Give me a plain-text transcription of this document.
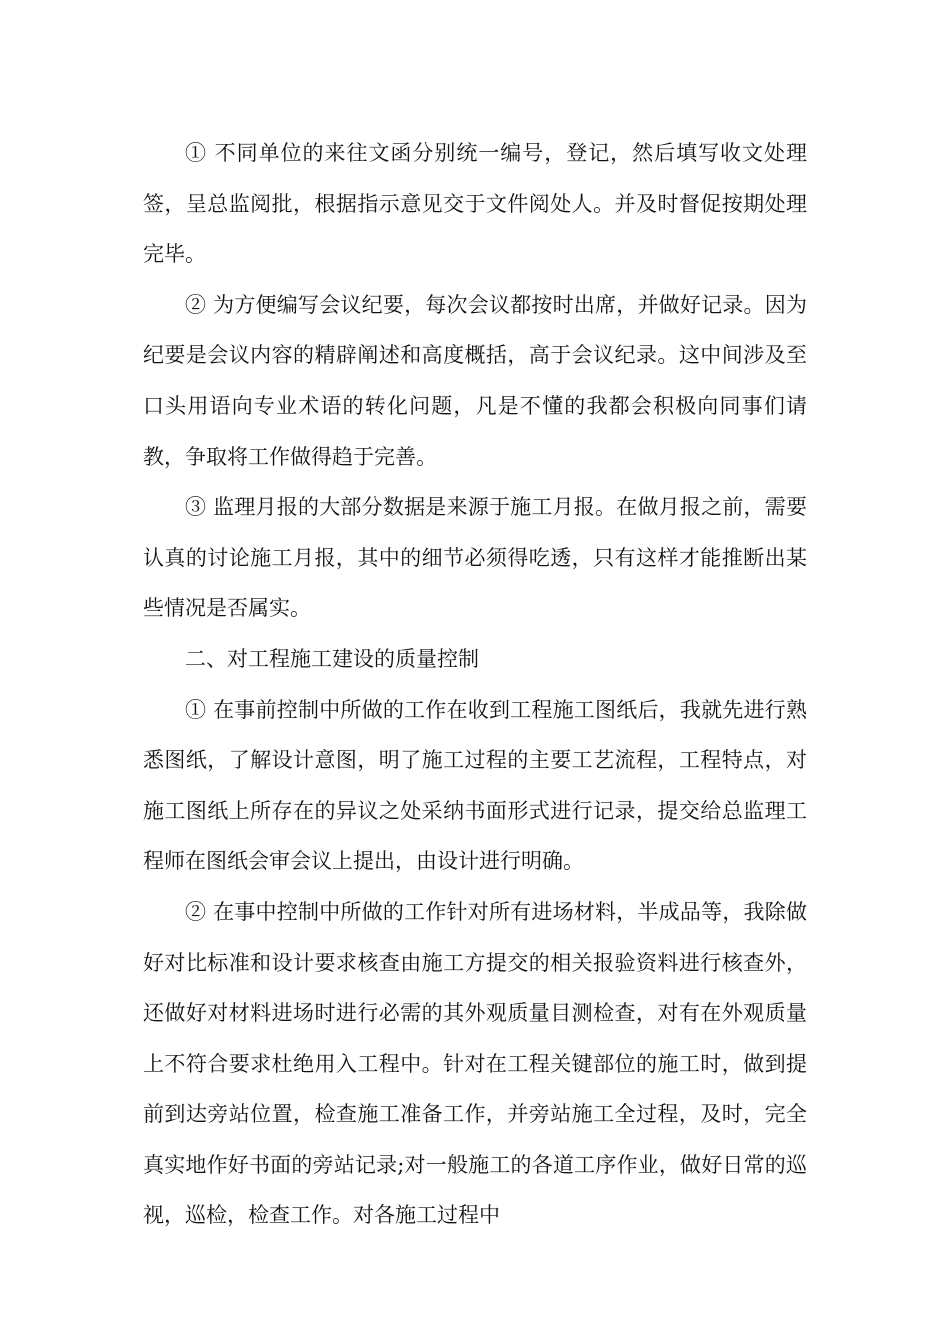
① 不同单位的来往文函分别统一编号，登记，然后填写收文处理签，呈总监阅批，根据指示意见交于文件阅处人。并及时督促按期处理完毕。

② 为方便编写会议纪要，每次会议都按时出席，并做好记录。因为纪要是会议内容的精辟阐述和高度概括，高于会议纪录。这中间涉及至口头用语向专业术语的转化问题，凡是不懂的我都会积极向同事们请教，争取将工作做得趋于完善。

③ 监理月报的大部分数据是来源于施工月报。在做月报之前，需要认真的讨论施工月报，其中的细节必须得吃透，只有这样才能推断出某些情况是否属实。

二、对工程施工建设的质量控制

① 在事前控制中所做的工作在收到工程施工图纸后，我就先进行熟悉图纸，了解设计意图，明了施工过程的主要工艺流程，工程特点，对施工图纸上所存在的异议之处采纳书面形式进行记录，提交给总监理工程师在图纸会审会议上提出，由设计进行明确。

② 在事中控制中所做的工作针对所有进场材料，半成品等，我除做好对比标准和设计要求核查由施工方提交的相关报验资料进行核查外，还做好对材料进场时进行必需的其外观质量目测检查，对有在外观质量上不符合要求杜绝用入工程中。针对在工程关键部位的施工时，做到提前到达旁站位置，检查施工准备工作，并旁站施工全过程，及时，完全真实地作好书面的旁站记录;对一般施工的各道工序作业，做好日常的巡视，巡检，检查工作。对各施工过程中
